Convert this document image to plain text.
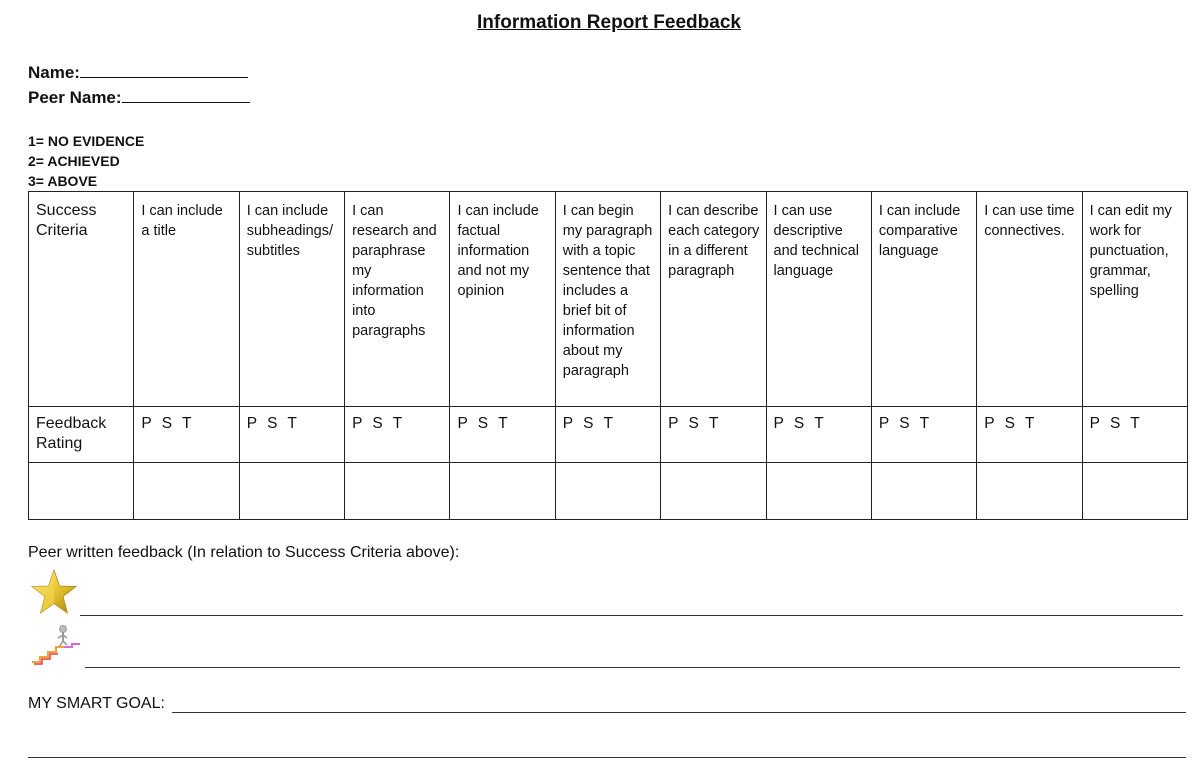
Information Report Feedback
Name:
Peer Name:
1= NO EVIDENCE
2= ACHIEVED
3= ABOVE
Success Criteria	I can include a title	I can include subheadings/ subtitles	I can research and paraphrase my information into paragraphs	I can include factual information and not my opinion	I can begin my paragraph with a topic sentence that includes a brief bit of information about my paragraph	I can describe each category in a different paragraph	I can use descriptive and technical language	I can include comparative language	I can use time connectives.	I can edit my work for punctuation, grammar, spelling
Feedback Rating	P S T	P S T	P S T	P S T	P S T	P S T	P S T	P S T	P S T	P S T

Peer written feedback (In relation to Success Criteria above):
MY SMART GOAL:
